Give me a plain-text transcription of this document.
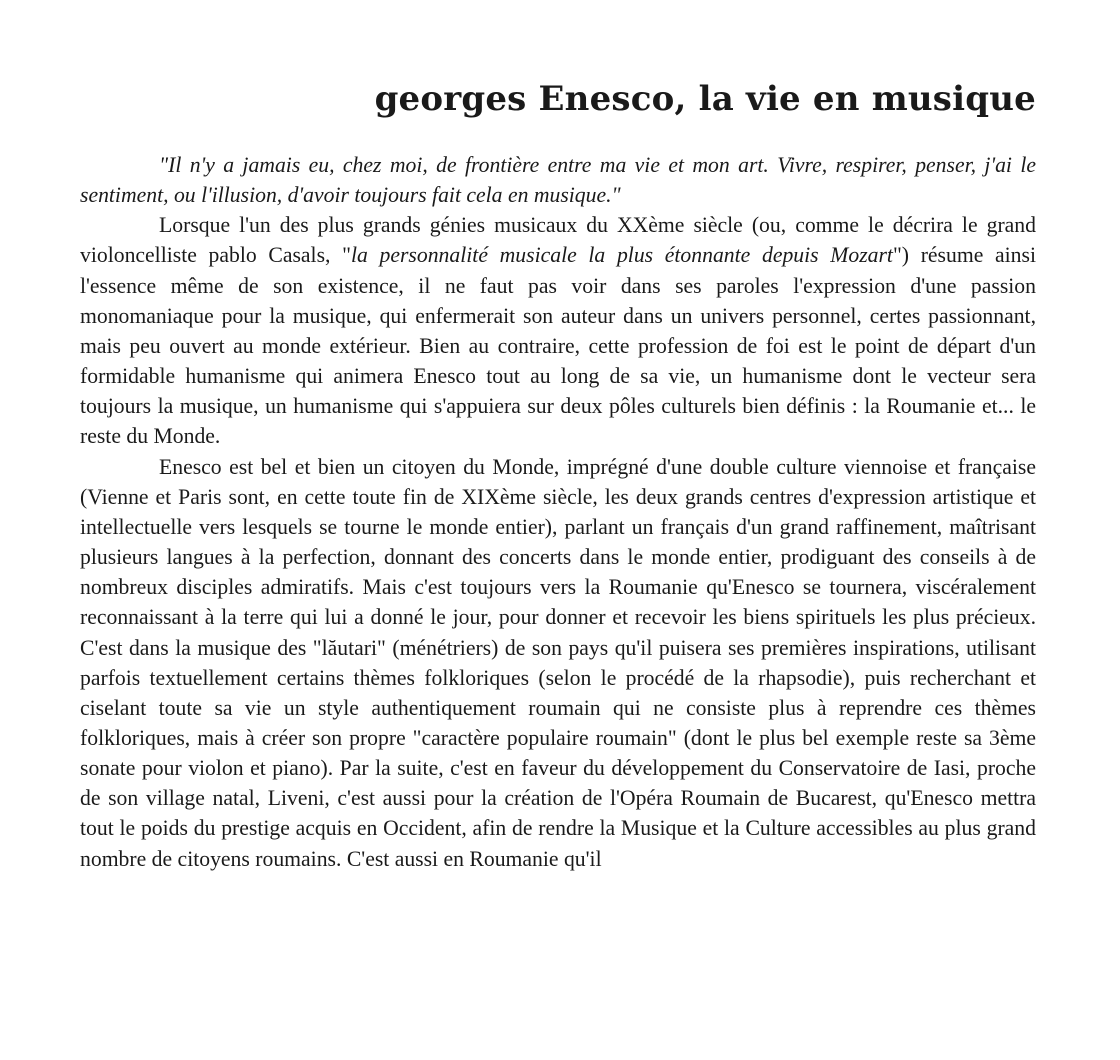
georges Enesco, la vie en musique

"Il n'y a jamais eu, chez moi, de frontière entre ma vie et mon art. Vivre, respirer, penser, j'ai le sentiment, ou l'illusion, d'avoir toujours fait cela en musique."

Lorsque l'un des plus grands génies musicaux du XXème siècle (ou, comme le décrira le grand violoncelliste pablo Casals, "la personnalité musicale la plus étonnante depuis Mozart") résume ainsi l'essence même de son existence, il ne faut pas voir dans ses paroles l'expression d'une passion monomaniaque pour la musique, qui enfermerait son auteur dans un univers personnel, certes passionnant, mais peu ouvert au monde extérieur. Bien au contraire, cette profession de foi est le point de départ d'un formidable humanisme qui animera Enesco tout au long de sa vie, un humanisme dont le vecteur sera toujours la musique, un humanisme qui s'appuiera sur deux pôles culturels bien définis : la Roumanie et... le reste du Monde.

Enesco est bel et bien un citoyen du Monde, imprégné d'une double culture viennoise et française (Vienne et Paris sont, en cette toute fin de XIXème siècle, les deux grands centres d'expression artistique et intellectuelle vers lesquels se tourne le monde entier), parlant un français d'un grand raffinement, maîtrisant plusieurs langues à la perfection, donnant des concerts dans le monde entier, prodiguant des conseils à de nombreux disciples admiratifs. Mais c'est toujours vers la Roumanie qu'Enesco se tournera, viscéralement reconnaissant à la terre qui lui a donné le jour, pour donner et recevoir les biens spirituels les plus précieux. C'est dans la musique des "lăutari" (ménétriers) de son pays qu'il puisera ses premières inspirations, utilisant parfois textuellement certains thèmes folkloriques (selon le procédé de la rhapsodie), puis recherchant et ciselant toute sa vie un style authentiquement roumain qui ne consiste plus à reprendre ces thèmes folkloriques, mais à créer son propre "caractère populaire roumain" (dont le plus bel exemple reste sa 3ème sonate pour violon et piano). Par la suite, c'est en faveur du développement du Conservatoire de Iasi, proche de son village natal, Liveni, c'est aussi pour la création de l'Opéra Roumain de Bucarest, qu'Enesco mettra tout le poids du prestige acquis en Occident, afin de rendre la Musique et la Culture accessibles au plus grand nombre de citoyens roumains. C'est aussi en Roumanie qu'il
